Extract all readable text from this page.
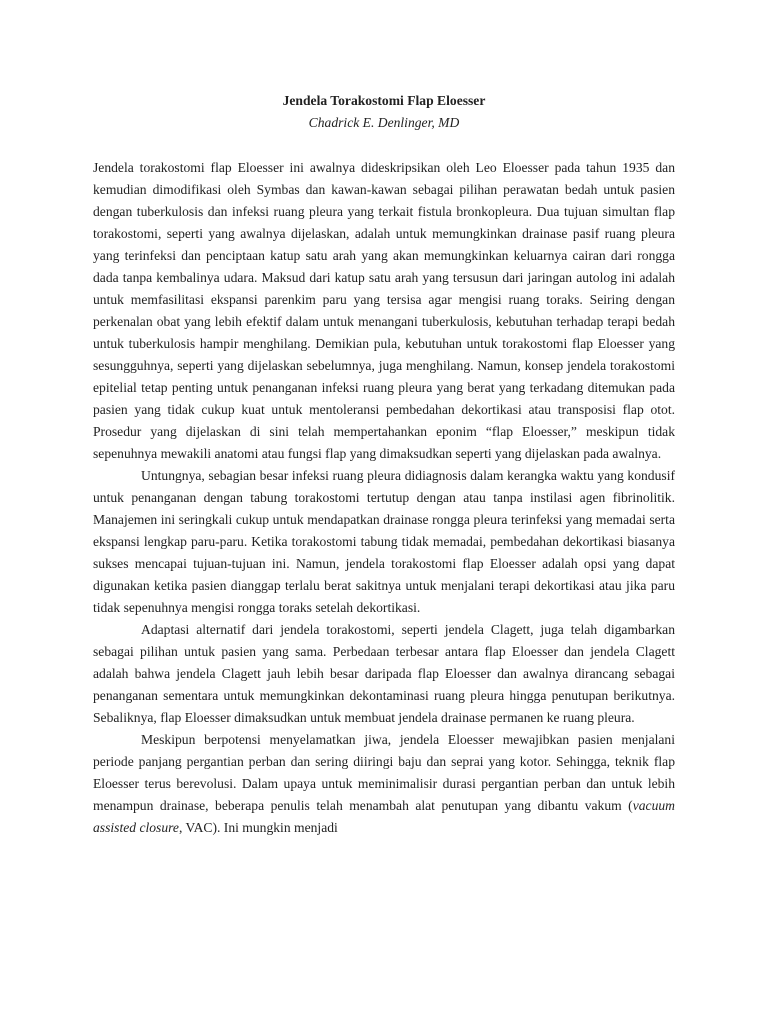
Jendela Torakostomi Flap Eloesser

Chadrick E. Denlinger, MD

Jendela torakostomi flap Eloesser ini awalnya dideskripsikan oleh Leo Eloesser pada tahun 1935 dan kemudian dimodifikasi oleh Symbas dan kawan-kawan sebagai pilihan perawatan bedah untuk pasien dengan tuberkulosis dan infeksi ruang pleura yang terkait fistula bronkopleura. Dua tujuan simultan flap torakostomi, seperti yang awalnya dijelaskan, adalah untuk memungkinkan drainase pasif ruang pleura yang terinfeksi dan penciptaan katup satu arah yang akan memungkinkan keluarnya cairan dari rongga dada tanpa kembalinya udara. Maksud dari katup satu arah yang tersusun dari jaringan autolog ini adalah untuk memfasilitasi ekspansi parenkim paru yang tersisa agar mengisi ruang toraks. Seiring dengan perkenalan obat yang lebih efektif dalam untuk menangani tuberkulosis, kebutuhan terhadap terapi bedah untuk tuberkulosis hampir menghilang. Demikian pula, kebutuhan untuk torakostomi flap Eloesser yang sesungguhnya, seperti yang dijelaskan sebelumnya, juga menghilang. Namun, konsep jendela torakostomi epitelial tetap penting untuk penanganan infeksi ruang pleura yang berat yang terkadang ditemukan pada pasien yang tidak cukup kuat untuk mentoleransi pembedahan dekortikasi atau transposisi flap otot. Prosedur yang dijelaskan di sini telah mempertahankan eponim “flap Eloesser,” meskipun tidak sepenuhnya mewakili anatomi atau fungsi flap yang dimaksudkan seperti yang dijelaskan pada awalnya.

Untungnya, sebagian besar infeksi ruang pleura didiagnosis dalam kerangka waktu yang kondusif untuk penanganan dengan tabung torakostomi tertutup dengan atau tanpa instilasi agen fibrinolitik. Manajemen ini seringkali cukup untuk mendapatkan drainase rongga pleura terinfeksi yang memadai serta ekspansi lengkap paru-paru. Ketika torakostomi tabung tidak memadai, pembedahan dekortikasi biasanya sukses mencapai tujuan-tujuan ini. Namun, jendela torakostomi flap Eloesser adalah opsi yang dapat digunakan ketika pasien dianggap terlalu berat sakitnya untuk menjalani terapi dekortikasi atau jika paru tidak sepenuhnya mengisi rongga toraks setelah dekortikasi.

Adaptasi alternatif dari jendela torakostomi, seperti jendela Clagett, juga telah digambarkan sebagai pilihan untuk pasien yang sama. Perbedaan terbesar antara flap Eloesser dan jendela Clagett adalah bahwa jendela Clagett jauh lebih besar daripada flap Eloesser dan awalnya dirancang sebagai penanganan sementara untuk memungkinkan dekontaminasi ruang pleura hingga penutupan berikutnya. Sebaliknya, flap Eloesser dimaksudkan untuk membuat jendela drainase permanen ke ruang pleura.

Meskipun berpotensi menyelamatkan jiwa, jendela Eloesser mewajibkan pasien menjalani periode panjang pergantian perban dan sering diiringi baju dan seprai yang kotor. Sehingga, teknik flap Eloesser terus berevolusi. Dalam upaya untuk meminimalisir durasi pergantian perban dan untuk lebih menampun drainase, beberapa penulis telah menambah alat penutupan yang dibantu vakum (vacuum assisted closure, VAC). Ini mungkin menjadi
